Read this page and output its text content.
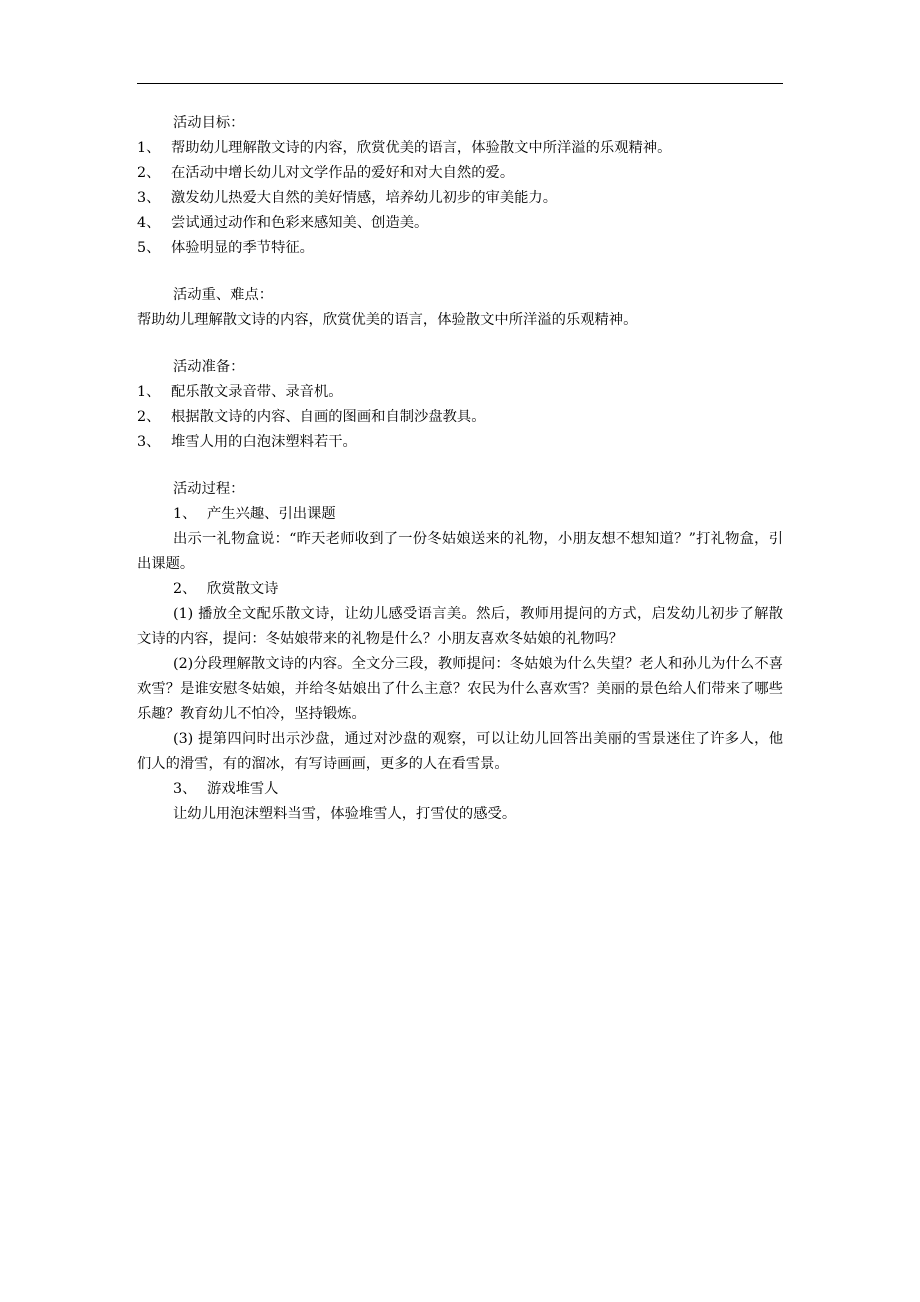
活动目标：
1、 帮助幼儿理解散文诗的内容，欣赏优美的语言，体验散文中所洋溢的乐观精神。
2、 在活动中增长幼儿对文学作品的爱好和对大自然的爱。
3、 激发幼儿热爱大自然的美好情感，培养幼儿初步的审美能力。
4、 尝试通过动作和色彩来感知美、创造美。
5、 体验明显的季节特征。
活动重、难点：
帮助幼儿理解散文诗的内容，欣赏优美的语言，体验散文中所洋溢的乐观精神。
活动准备：
1、 配乐散文录音带、录音机。
2、 根据散文诗的内容、自画的图画和自制沙盘教具。
3、 堆雪人用的白泡沫塑料若干。
活动过程：
1、 产生兴趣、引出课题
出示一礼物盒说：“昨天老师收到了一份冬姑娘送来的礼物，小朋友想不想知道？”打礼物盒，引出课题。
2、 欣赏散文诗
(1) 播放全文配乐散文诗，让幼儿感受语言美。然后，教师用提问的方式，启发幼儿初步了解散文诗的内容，提问：冬姑娘带来的礼物是什么？小朋友喜欢冬姑娘的礼物吗？
(2)分段理解散文诗的内容。全文分三段，教师提问：冬姑娘为什么失望？老人和孙儿为什么不喜欢雪？是谁安慰冬姑娘，并给冬姑娘出了什么主意？农民为什么喜欢雪？美丽的景色给人们带来了哪些乐趣？教育幼儿不怕冷，坚持锻炼。
(3) 提第四问时出示沙盘，通过对沙盘的观察，可以让幼儿回答出美丽的雪景迷住了许多人，他们人的滑雪，有的溜冰，有写诗画画，更多的人在看雪景。
3、 游戏堆雪人
让幼儿用泡沫塑料当雪，体验堆雪人，打雪仗的感受。
